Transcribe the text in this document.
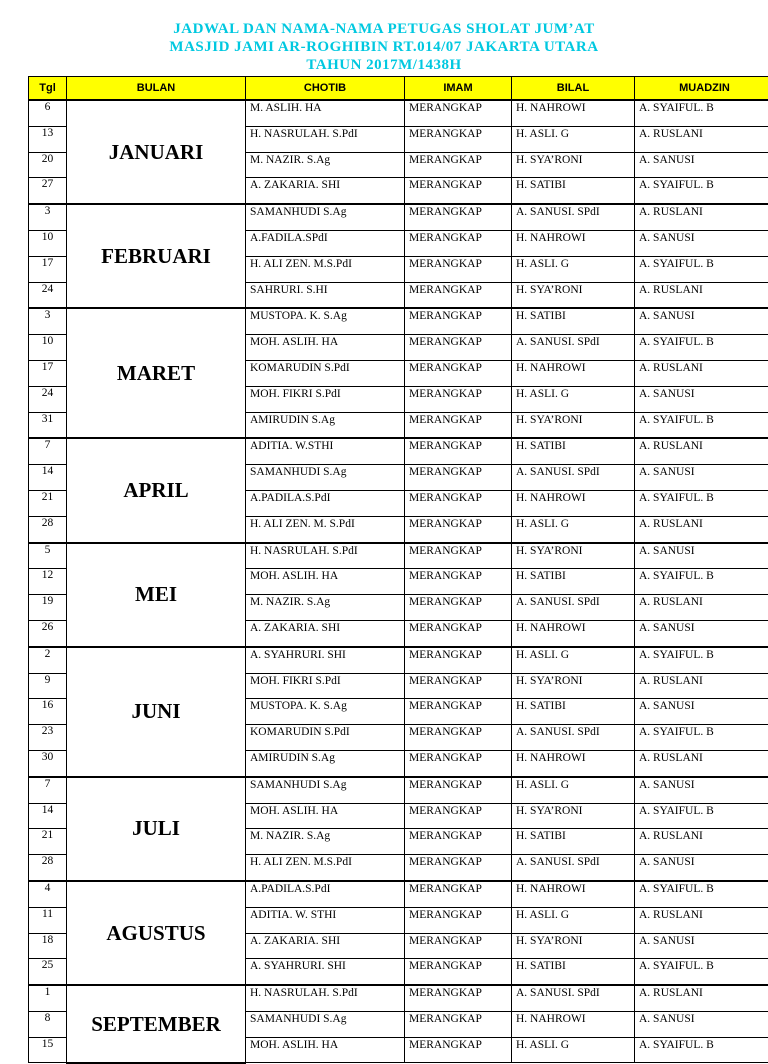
JADWAL DAN NAMA-NAMA PETUGAS SHOLAT JUM’AT
MASJID JAMI AR-ROGHIBIN RT.014/07 JAKARTA UTARA
TAHUN 2017M/1438H
Tgl	BULAN	CHOTIB	IMAM	BILAL	MUADZIN
6	JANUARI	M. ASLIH. HA	MERANGKAP	H. NAHROWI	A. SYAIFUL. B
13		H. NASRULAH. S.PdI	MERANGKAP	H. ASLI. G	A. RUSLANI
20		M. NAZIR. S.Ag	MERANGKAP	H. SYA’RONI	A. SANUSI
27		A. ZAKARIA. SHI	MERANGKAP	H. SATIBI	A. SYAIFUL. B
3	FEBRUARI	SAMANHUDI S.Ag	MERANGKAP	A. SANUSI. SPdI	A. RUSLANI
10		A.FADILA.SPdI	MERANGKAP	H. NAHROWI	A. SANUSI
17		H. ALI ZEN. M.S.PdI	MERANGKAP	H. ASLI. G	A. SYAIFUL. B
24		SAHRURI. S.HI	MERANGKAP	H. SYA’RONI	A. RUSLANI
3	MARET	MUSTOPA. K. S.Ag	MERANGKAP	H. SATIBI	A. SANUSI
10		MOH. ASLIH. HA	MERANGKAP	A. SANUSI. SPdI	A. SYAIFUL. B
17		KOMARUDIN S.PdI	MERANGKAP	H. NAHROWI	A. RUSLANI
24		MOH. FIKRI S.PdI	MERANGKAP	H. ASLI. G	A. SANUSI
31		AMIRUDIN S.Ag	MERANGKAP	H. SYA’RONI	A. SYAIFUL. B
7	APRIL	ADITIA. W.STHI	MERANGKAP	H. SATIBI	A. RUSLANI
14		SAMANHUDI S.Ag	MERANGKAP	A. SANUSI. SPdI	A. SANUSI
21		A.PADILA.S.PdI	MERANGKAP	H. NAHROWI	A. SYAIFUL. B
28		H. ALI ZEN. M. S.PdI	MERANGKAP	H. ASLI. G	A. RUSLANI
5	MEI	H. NASRULAH. S.PdI	MERANGKAP	H. SYA’RONI	A. SANUSI
12		MOH. ASLIH. HA	MERANGKAP	H. SATIBI	A. SYAIFUL. B
19		M. NAZIR. S.Ag	MERANGKAP	A. SANUSI. SPdI	A. RUSLANI
26		A. ZAKARIA. SHI	MERANGKAP	H. NAHROWI	A. SANUSI
2	JUNI	A. SYAHRURI. SHI	MERANGKAP	H. ASLI. G	A. SYAIFUL. B
9		MOH. FIKRI S.PdI	MERANGKAP	H. SYA’RONI	A. RUSLANI
16		MUSTOPA. K. S.Ag	MERANGKAP	H. SATIBI	A. SANUSI
23		KOMARUDIN S.PdI	MERANGKAP	A. SANUSI. SPdI	A. SYAIFUL. B
30		AMIRUDIN S.Ag	MERANGKAP	H. NAHROWI	A. RUSLANI
7	JULI	SAMANHUDI S.Ag	MERANGKAP	H. ASLI. G	A. SANUSI
14		MOH. ASLIH. HA	MERANGKAP	H. SYA’RONI	A. SYAIFUL. B
21		M. NAZIR. S.Ag	MERANGKAP	H. SATIBI	A. RUSLANI
28		H. ALI ZEN. M.S.PdI	MERANGKAP	A. SANUSI. SPdI	A. SANUSI
4	AGUSTUS	A.PADILA.S.PdI	MERANGKAP	H. NAHROWI	A. SYAIFUL. B
11		ADITIA. W. STHI	MERANGKAP	H. ASLI. G	A. RUSLANI
18		A. ZAKARIA. SHI	MERANGKAP	H. SYA’RONI	A. SANUSI
25		A. SYAHRURI. SHI	MERANGKAP	H. SATIBI	A. SYAIFUL. B
1	SEPTEMBER	H. NASRULAH. S.PdI	MERANGKAP	A. SANUSI. SPdI	A. RUSLANI
8		SAMANHUDI S.Ag	MERANGKAP	H. NAHROWI	A. SANUSI
15		MOH. ASLIH. HA	MERANGKAP	H. ASLI. G	A. SYAIFUL. B
